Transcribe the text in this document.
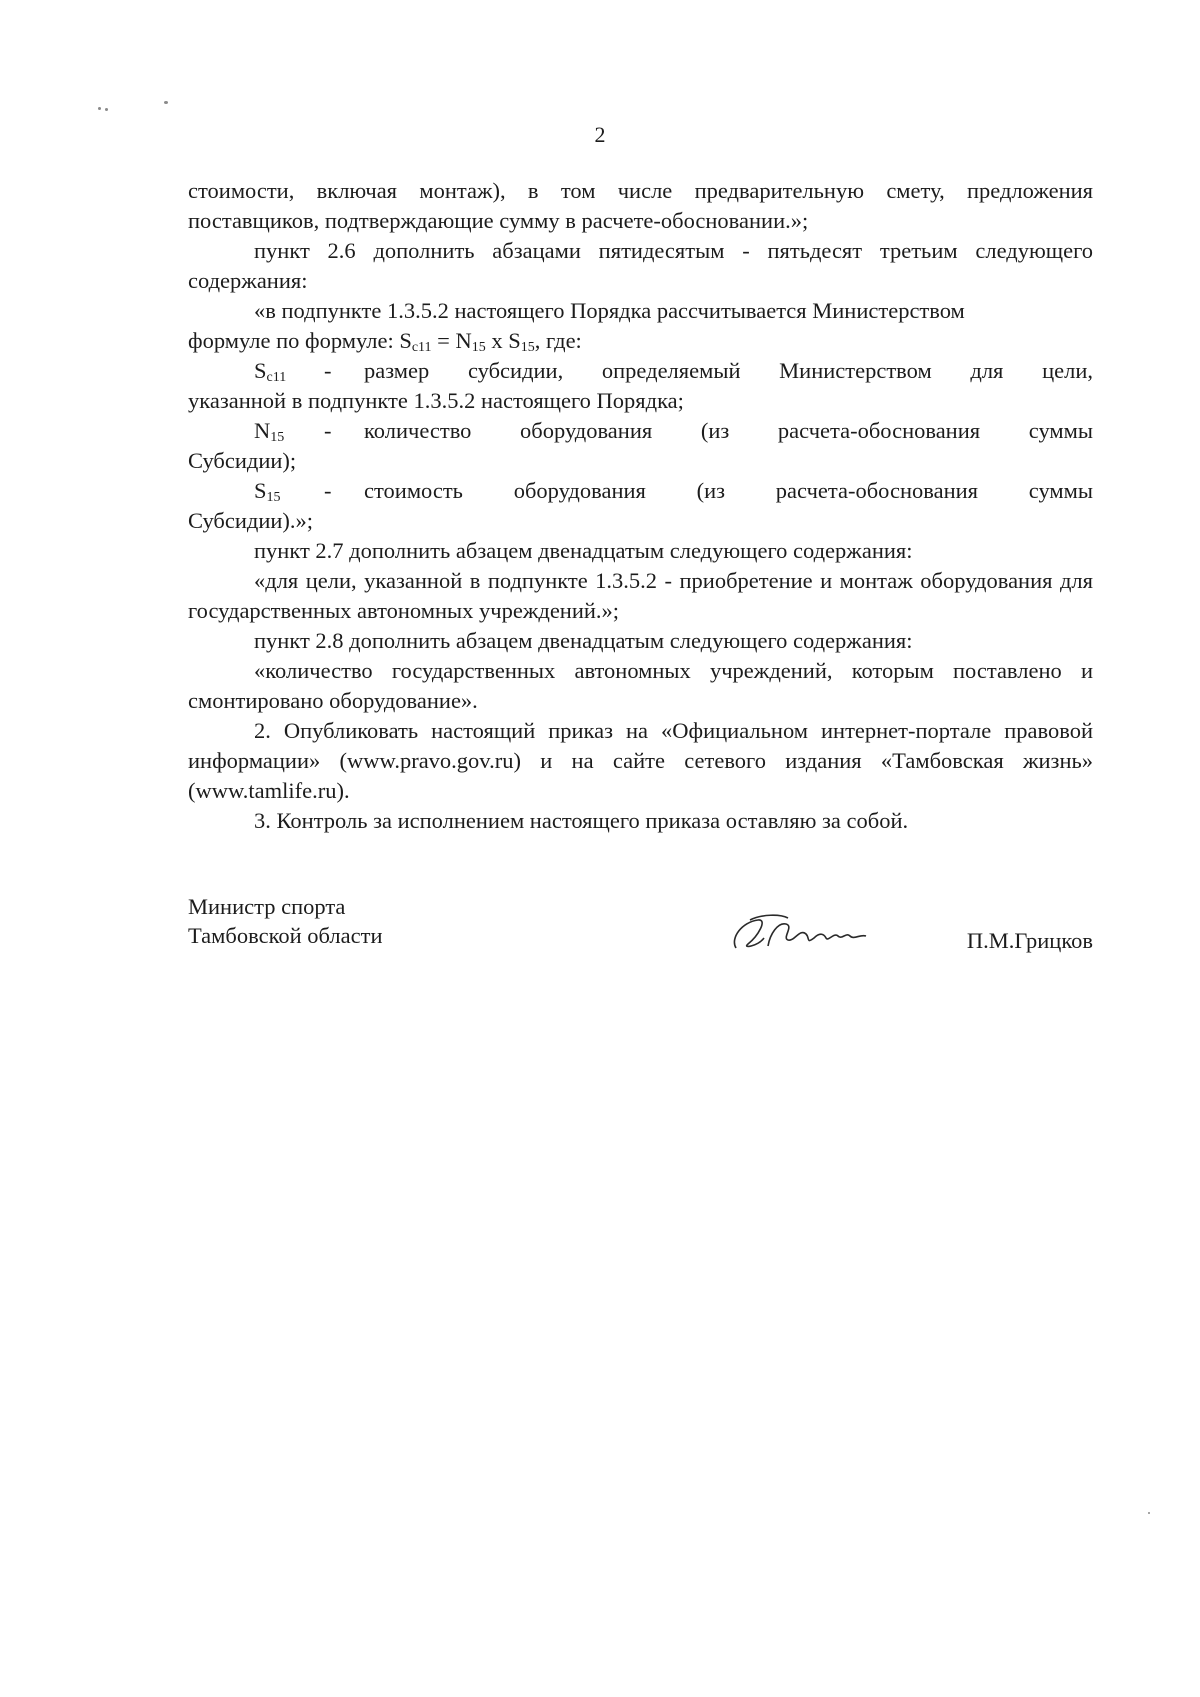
2

стоимости, включая монтаж), в том числе предварительную смету, предложения поставщиков, подтверждающие сумму в расчете-обосновании.»;

пункт 2.6 дополнить абзацами пятидесятым - пятьдесят третьим следующего содержания:

«в подпункте 1.3.5.2 настоящего Порядка рассчитывается Министерством

формуле по формуле: $S_{c11} = N_{15}$ x $S_{15}$, где:

$S_{c11}$	-	размер субсидии, определяемый Министерством для цели,

указанной в подпункте 1.3.5.2 настоящего Порядка;

$N_{15}$	-	количество оборудования (из расчета-обоснования суммы

Субсидии);

$S_{15}$	-	стоимость оборудования (из расчета-обоснования суммы

Субсидии).»;

пункт 2.7 дополнить абзацем двенадцатым следующего содержания:

«для цели, указанной в подпункте 1.3.5.2 - приобретение и монтаж оборудования для государственных автономных учреждений.»;

пункт 2.8 дополнить абзацем двенадцатым следующего содержания:

«количество государственных автономных учреждений, которым поставлено и смонтировано оборудование».

2. Опубликовать настоящий приказ на «Официальном интернет-портале правовой информации» (www.pravo.gov.ru) и на сайте сетевого издания «Тамбовская жизнь» (www.tamlife.ru).

3. Контроль за исполнением настоящего приказа оставляю за собой.

Министр спорта
Тамбовской области	П.М.Грицков
